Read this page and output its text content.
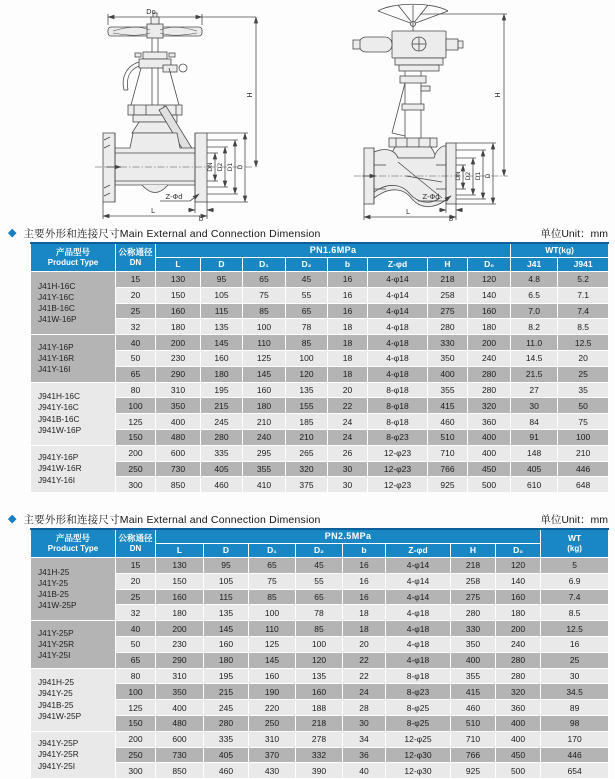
Do
H
DN D2 D1 D
Z-Φd
b
L
H
DN D2 D1 D
Z-Φd
b
L
◆ 主要外形和连接尺寸Main External and Connection Dimension	单位Unit：mm
产品型号
Product Type

公称通径
DN

PN1.6MPa	WT(kg)

		L	D	D₁	D₂	b	Z-φd	H	D₀	J41	J941

J41H-16C
J41Y-16C
J41B-16C
J41W-16P	15	130	95	65	45	16	4-φ14	218	120	4.8	5.2
	20	150	105	75	55	16	4-φ14	258	140	6.5	7.1
	25	160	115	85	65	16	4-φ14	275	160	7.0	7.4
	32	180	135	100	78	18	4-φ18	280	180	8.2	8.5

J41Y-16P
J41Y-16R
J41Y-16I	40	200	145	110	85	18	4-φ18	330	200	11.0	12.5
	50	230	160	125	100	18	4-φ18	350	240	14.5	20
	65	290	180	145	120	18	4-φ18	400	280	21.5	25

J941H-16C
J941Y-16C
J941B-16C
J941W-16P	80	310	195	160	135	20	8-φ18	355	280	27	35
	100	350	215	180	155	22	8-φ18	415	320	30	50
	125	400	245	210	185	24	8-φ18	460	360	84	75
	150	480	280	240	210	24	8-φ23	510	400	91	100

J941Y-16P
J941W-16R
J941Y-16I	200	600	335	295	265	26	12-φ23	710	400	148	210
	250	730	405	355	320	30	12-φ23	766	450	405	446
	300	850	460	410	375	30	12-φ23	925	500	610	648
◆ 主要外形和连接尺寸Main External and Connection Dimension	单位Unit：mm
产品型号
Product Type

公称通径
DN

PN2.5MPa	WT
(kg)

		L	D	D₁	D₂	b	Z-φd	H	D₀	

J41H-25
J41Y-25
J41B-25
J41W-25P	15	130	95	65	45	16	4-φ14	218	120	5
	20	150	105	75	55	16	4-φ14	258	140	6.9
	25	160	115	85	65	16	4-φ14	275	160	7.4
	32	180	135	100	78	18	4-φ18	280	180	8.5

J41Y-25P
J41Y-25R
J41Y-25I	40	200	145	110	85	18	4-φ18	330	200	12.5
	50	230	160	125	100	20	4-φ18	350	240	16
	65	290	180	145	120	22	4-φ18	400	280	25

J941H-25
J941Y-25
J941B-25
J941W-25P	80	310	195	160	135	22	8-φ18	355	280	30
	100	350	215	190	160	24	8-φ23	415	320	34.5
	125	400	245	220	188	28	8-φ25	460	360	89
	150	480	280	250	218	30	8-φ25	510	400	98

J941Y-25P
J941Y-25R
J941Y-25I	200	600	335	310	278	34	12-φ25	710	400	170
	250	730	405	370	332	36	12-φ30	766	450	446
	300	850	460	430	390	40	12-φ30	925	500	654
